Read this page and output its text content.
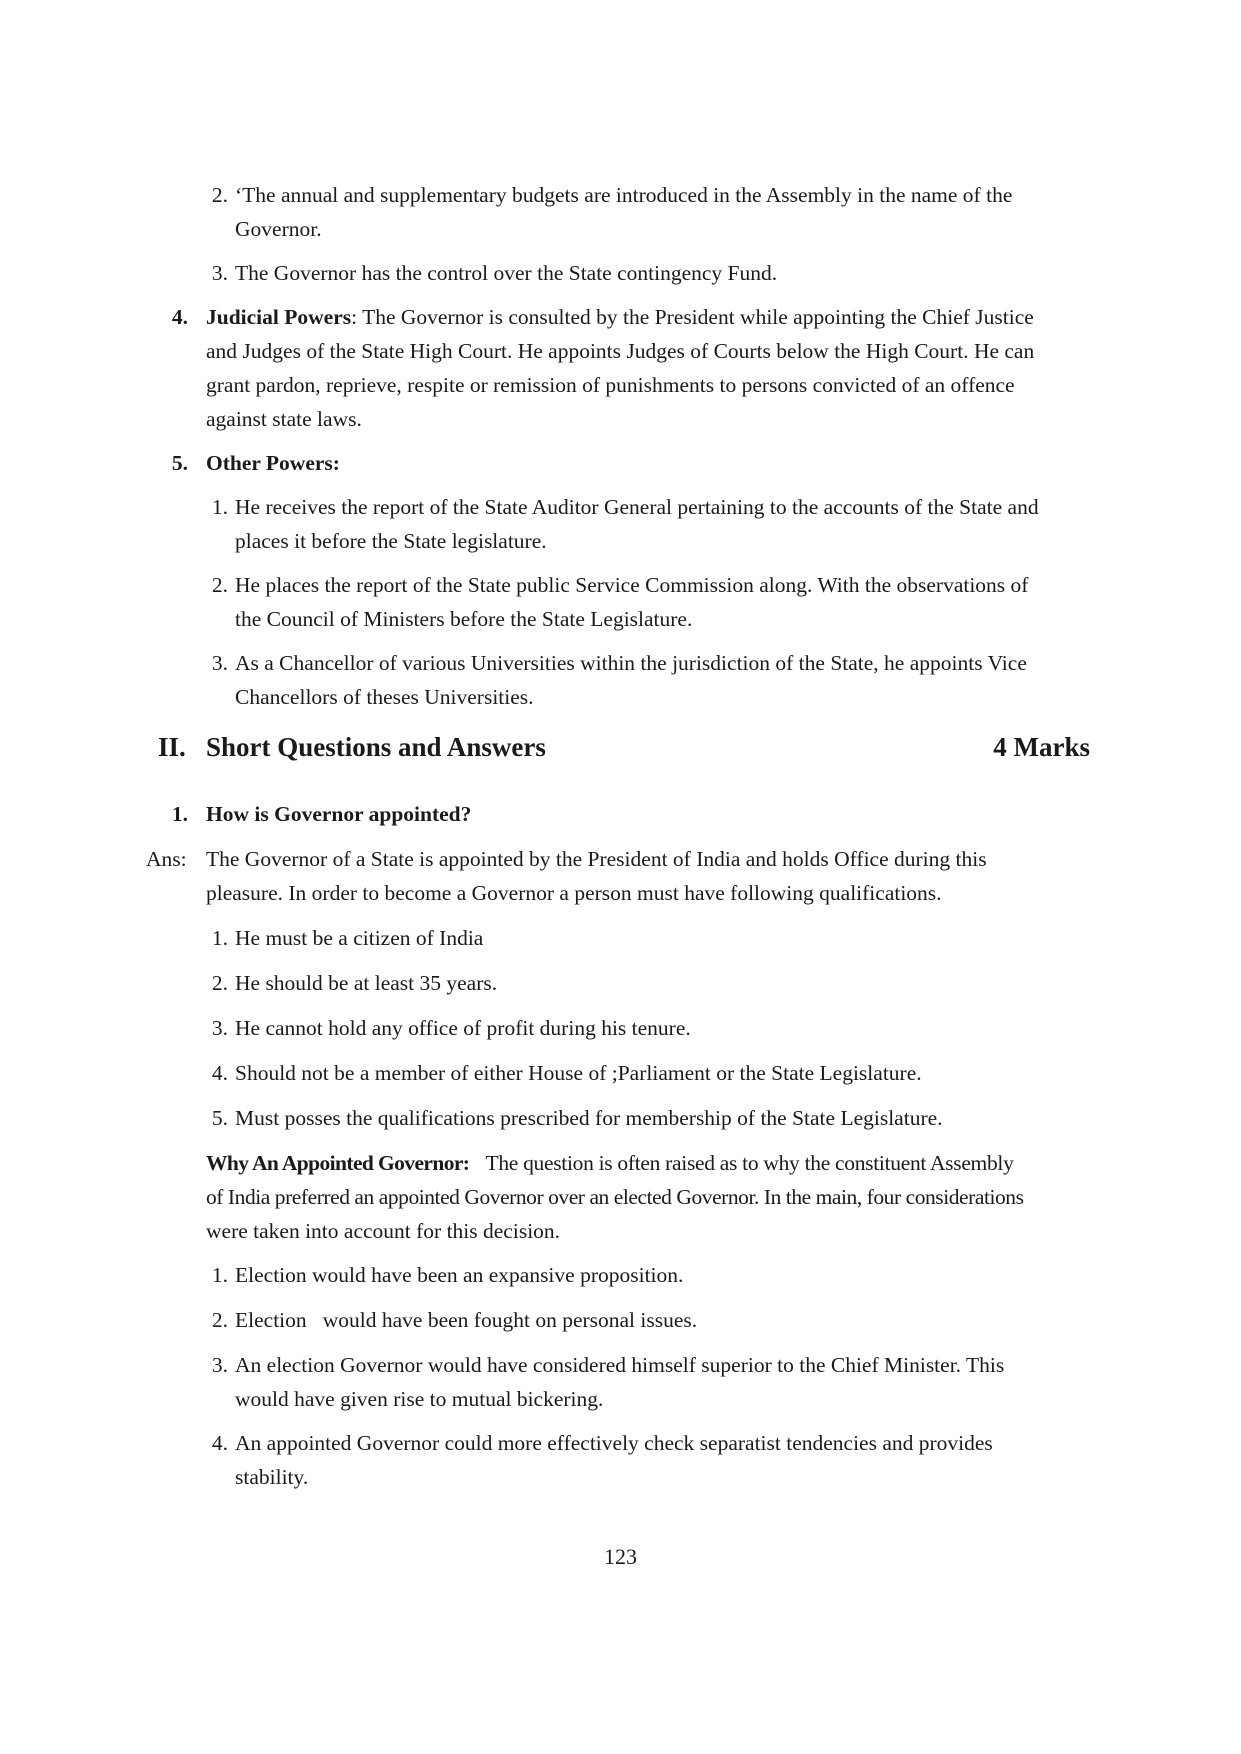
2. ‘The annual and supplementary budgets are introduced in the Assembly in the name of the
Governor.
3. The Governor has the control over the State contingency Fund.
4. Judicial Powers: The Governor is consulted by the President while appointing the Chief Justice
and Judges of the State High Court. He appoints Judges of Courts below the High Court. He can
grant pardon, reprieve, respite or remission of punishments to persons convicted of an offence
against state laws.
5. Other Powers:
1. He receives the report of the State Auditor General pertaining to the accounts of the State and
places it before the State legislature.
2. He places the report of the State public Service Commission along. With the observations of
the Council of Ministers before the State Legislature.
3. As a Chancellor of various Universities within the jurisdiction of the State, he appoints Vice
Chancellors of theses Universities.
II. Short Questions and Answers	4 Marks
1. How is Governor appointed?
Ans: The Governor of a State is appointed by the President of India and holds Office during this
pleasure. In order to become a Governor a person must have following qualifications.
1. He must be a citizen of India
2. He should be at least 35 years.
3. He cannot hold any office of profit during his tenure.
4. Should not be a member of either House of ;Parliament or the State Legislature.
5. Must posses the qualifications prescribed for membership of the State Legislature.
Why An Appointed Governor: The question is often raised as to why the constituent Assembly
of India preferred an appointed Governor over an elected Governor. In the main, four considerations
were taken into account for this decision.
1. Election would have been an expansive proposition.
2. Election   would have been fought on personal issues.
3. An election Governor would have considered himself superior to the Chief Minister. This
would have given rise to mutual bickering.
4. An appointed Governor could more effectively check separatist tendencies and provides
stability.
123
